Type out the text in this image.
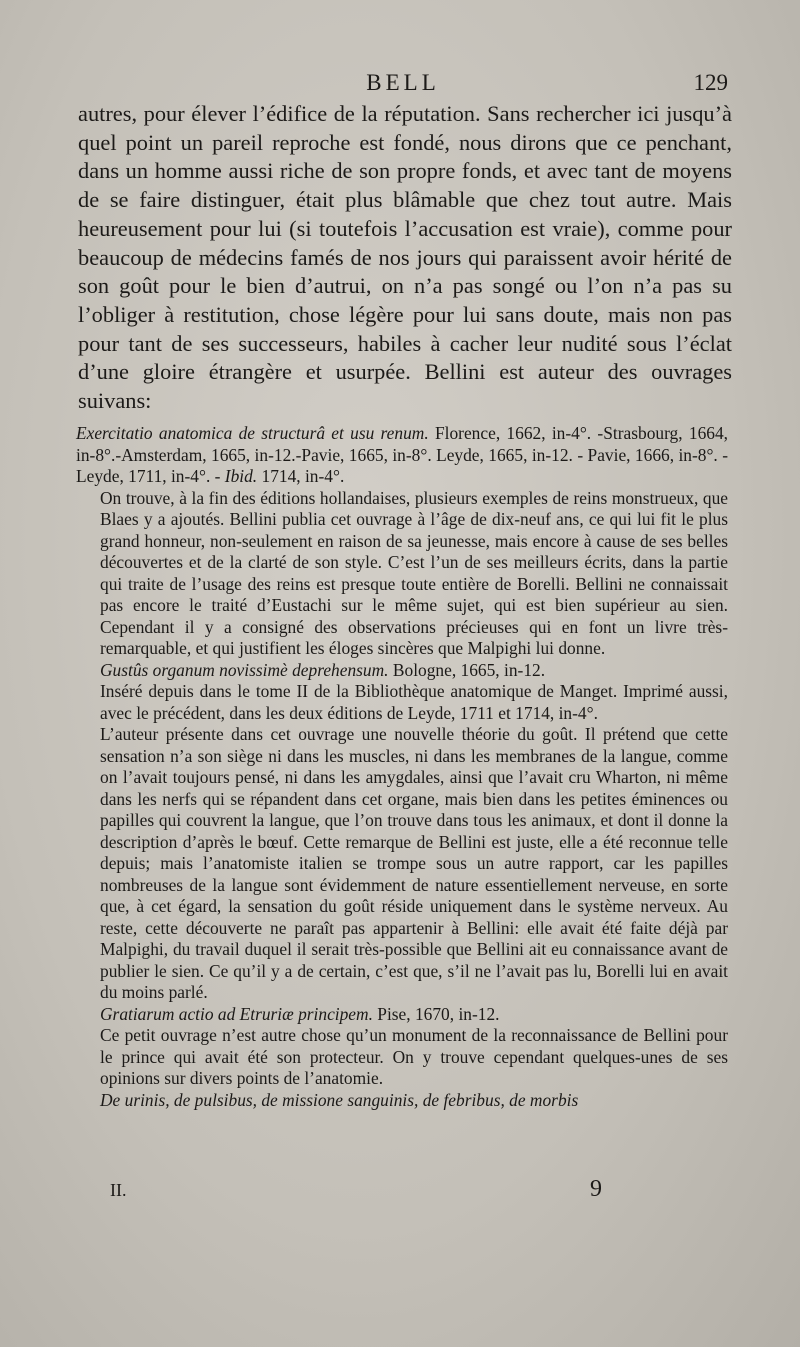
BELL	129

autres, pour élever l’édifice de la réputation. Sans rechercher ici jusqu’à quel point un pareil reproche est fondé, nous dirons que ce penchant, dans un homme aussi riche de son propre fonds, et avec tant de moyens de se faire distinguer, était plus blâmable que chez tout autre. Mais heureusement pour lui (si toutefois l’accusation est vraie), comme pour beaucoup de médecins famés de nos jours qui paraissent avoir hérité de son goût pour le bien d’autrui, on n’a pas songé ou l’on n’a pas su l’obliger à restitution, chose légère pour lui sans doute, mais non pas pour tant de ses successeurs, habiles à cacher leur nudité sous l’éclat d’une gloire étrangère et usurpée. Bellini est auteur des ouvrages suivans:

Exercitatio anatomica de structurâ et usu renum. Florence, 1662, in-4°. -Strasbourg, 1664, in-8°.-Amsterdam, 1665, in-12.-Pavie, 1665, in-8°. Leyde, 1665, in-12. - Pavie, 1666, in-8°. - Leyde, 1711, in-4°. - Ibid. 1714, in-4°.

On trouve, à la fin des éditions hollandaises, plusieurs exemples de reins monstrueux, que Blaes y a ajoutés. Bellini publia cet ouvrage à l’âge de dix-neuf ans, ce qui lui fit le plus grand honneur, non-seulement en raison de sa jeunesse, mais encore à cause de ses belles découvertes et de la clarté de son style. C’est l’un de ses meilleurs écrits, dans la partie qui traite de l’usage des reins est presque toute entière de Borelli. Bellini ne connaissait pas encore le traité d’Eustachi sur le même sujet, qui est bien supérieur au sien. Cependant il y a consigné des observations précieuses qui en font un livre très-remarquable, et qui justifient les éloges sincères que Malpighi lui donne.

Gustûs organum novissimè deprehensum. Bologne, 1665, in-12.

Inséré depuis dans le tome II de la Bibliothèque anatomique de Manget. Imprimé aussi, avec le précédent, dans les deux éditions de Leyde, 1711 et 1714, in-4°.

L’auteur présente dans cet ouvrage une nouvelle théorie du goût. Il prétend que cette sensation n’a son siège ni dans les muscles, ni dans les membranes de la langue, comme on l’avait toujours pensé, ni dans les amygdales, ainsi que l’avait cru Wharton, ni même dans les nerfs qui se répandent dans cet organe, mais bien dans les petites éminences ou papilles qui couvrent la langue, que l’on trouve dans tous les animaux, et dont il donne la description d’après le bœuf. Cette remarque de Bellini est juste, elle a été reconnue telle depuis; mais l’anatomiste italien se trompe sous un autre rapport, car les papilles nombreuses de la langue sont évidemment de nature essentiellement nerveuse, en sorte que, à cet égard, la sensation du goût réside uniquement dans le système nerveux. Au reste, cette découverte ne paraît pas appartenir à Bellini: elle avait été faite déjà par Malpighi, du travail duquel il serait très-possible que Bellini ait eu connaissance avant de publier le sien. Ce qu’il y a de certain, c’est que, s’il ne l’avait pas lu, Borelli lui en avait du moins parlé.

Gratiarum actio ad Etruriæ principem. Pise, 1670, in-12.

Ce petit ouvrage n’est autre chose qu’un monument de la reconnaissance de Bellini pour le prince qui avait été son protecteur. On y trouve cependant quelques-unes de ses opinions sur divers points de l’anatomie.

De urinis, de pulsibus, de missione sanguinis, de febribus, de morbis

II.	9
